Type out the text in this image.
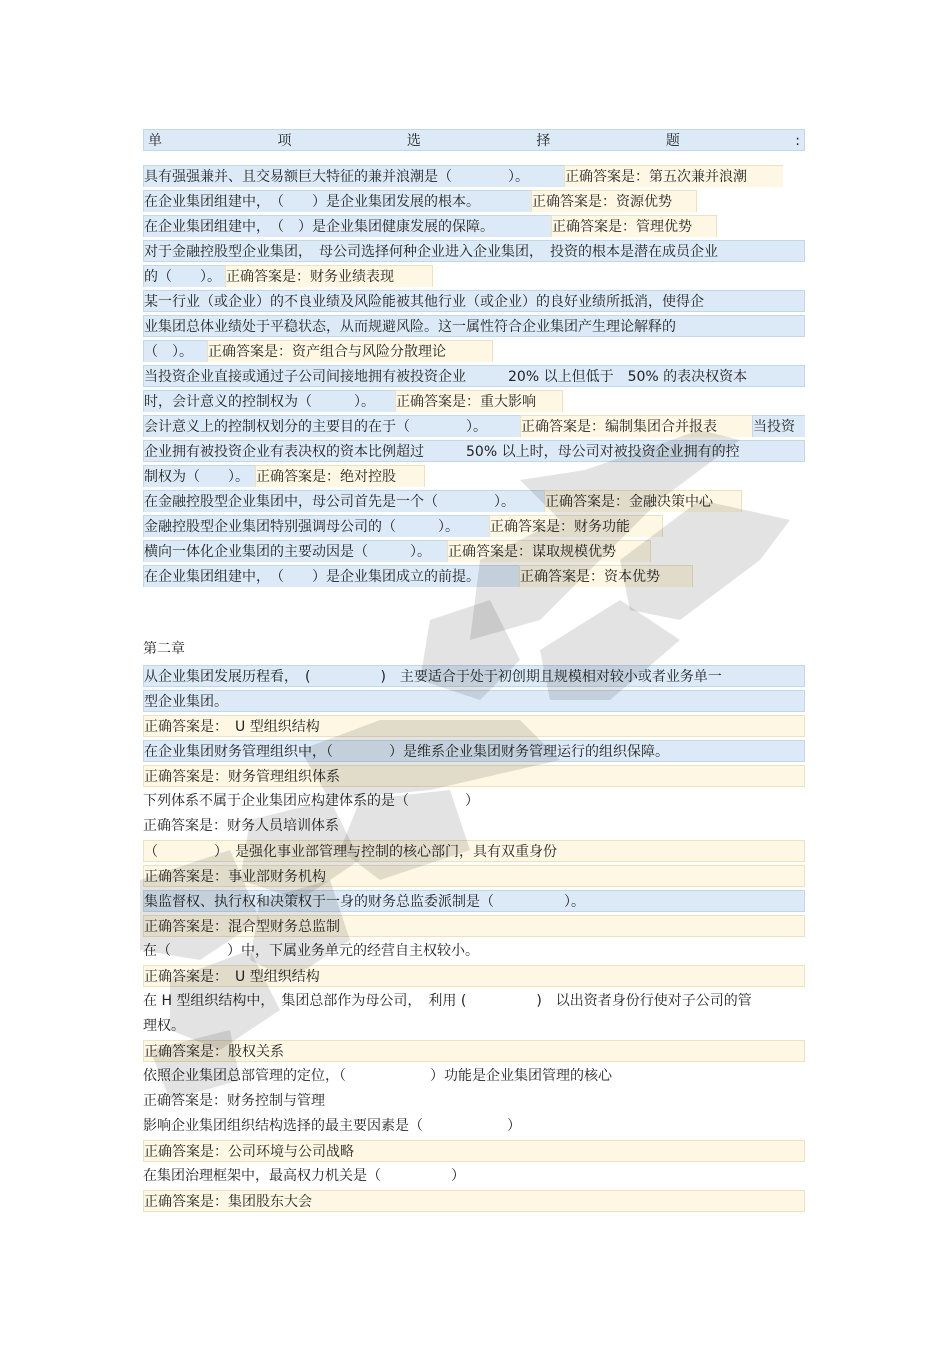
单	项	选	择	题	:
第二章
具有强强兼并、且交易额巨大特征的兼并浪潮是（　　　　）。	正确答案是：第五次兼并浪潮
在企业集团组建中，　（　　）是企业集团发展的根本。	正确答案是：资源优势
在企业集团组建中，　（　）是企业集团健康发展的保障。	正确答案是：管理优势
对于金融控股型企业集团，　母公司选择何种企业进入企业集团，　投资的根本是潜在成员企业
的（　　）。 正确答案是：财务业绩表现
某一行业（或企业）的不良业绩及风险能被其他行业（或企业）的良好业绩所抵消，使得企
业集团总体业绩处于平稳状态，从而规避风险。这一属性符合企业集团产生理论解释的
（　）。	正确答案是：资产组合与风险分散理论
当投资企业直接或通过子公司间接地拥有被投资企业　　　20% 以上但低于　50% 的表决权资本
时，会计意义的控制权为（　　　）。	正确答案是：重大影响
会计意义上的控制权划分的主要目的在于（　　　　）。	正确答案是：编制集团合并报表	当投资
企业拥有被投资企业有表决权的资本比例超过　　　50% 以上时，母公司对被投资企业拥有的控
制权为（　　）。 正确答案是：绝对控股
在金融控股型企业集团中，母公司首先是一个（　　　　）。	正确答案是：金融决策中心
金融控股型企业集团特别强调母公司的（　　　）。	正确答案是：财务功能
横向一体化企业集团的主要动因是（　　　）。	正确答案是：谋取规模优势
在企业集团组建中，　（　　）是企业集团成立的前提。	正确答案是：资本优势
从企业集团发展历程看，　(　　　　　)　主要适合于处于初创期且规模相对较小或者业务单一
型企业集团。
正确答案是：　U 型组织结构
在企业集团财务管理组织中，（　　　　）是维系企业集团财务管理运行的组织保障。
正确答案是：财务管理组织体系
下列体系不属于企业集团应构建体系的是（　　　　）
正确答案是：财务人员培训体系
（　　　　）　是强化事业部管理与控制的核心部门，具有双重身份
正确答案是：事业部财务机构
集监督权、执行权和决策权于一身的财务总监委派制是（　　　　　）。
正确答案是：混合型财务总监制
在（　　　　）中，下属业务单元的经营自主权较小。
正确答案是：　U 型组织结构
在 H 型组织结构中，　集团总部作为母公司，　利用 (　　　　　)　以出资者身份行使对子公司的管
理权。
正确答案是：股权关系
依照企业集团总部管理的定位，（　　　　　　）功能是企业集团管理的核心
正确答案是：财务控制与管理
影响企业集团组织结构选择的最主要因素是（　　　　　　）
正确答案是：公司环境与公司战略
在集团治理框架中，最高权力机关是（　　　　　）
正确答案是：集团股东大会
